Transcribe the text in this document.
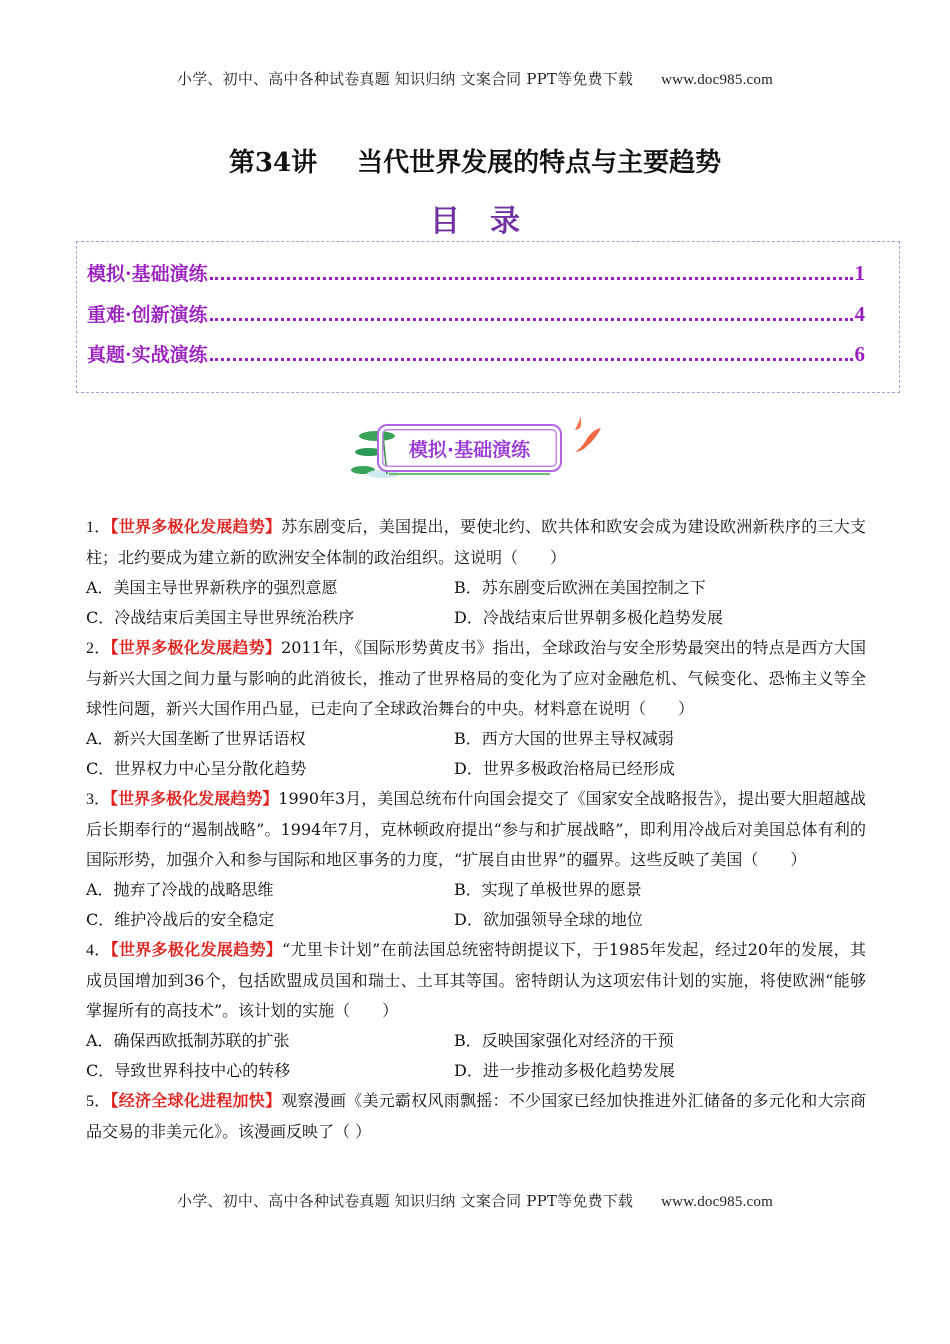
小学、初中、高中各种试卷真题 知识归纳 文案合同 PPT等免费下载 www.doc985.com
第34讲 当代世界发展的特点与主要趋势
目录
模拟·基础演练	1
重难·创新演练	4
真题·实战演练	6
模拟·基础演练

1．【世界多极化发展趋势】苏东剧变后，美国提出，要使北约、欧共体和欧安会成为建设欧洲新秩序的三大支柱；北约要成为建立新的欧洲安全体制的政治组织。这说明（　　）

A．美国主导世界新秩序的强烈意愿	B．苏东剧变后欧洲在美国控制之下
C．冷战结束后美国主导世界统治秩序	D．冷战结束后世界朝多极化趋势发展

2．【世界多极化发展趋势】2011年，《国际形势黄皮书》指出，全球政治与安全形势最突出的特点是西方大国与新兴大国之间力量与影响的此消彼长，推动了世界格局的变化为了应对金融危机、气候变化、恐怖主义等全球性问题，新兴大国作用凸显，已走向了全球政治舞台的中央。材料意在说明（　　）

A．新兴大国垄断了世界话语权	B．西方大国的世界主导权减弱
C．世界权力中心呈分散化趋势	D．世界多极政治格局已经形成

3．【世界多极化发展趋势】1990年3月，美国总统布什向国会提交了《国家安全战略报告》，提出要大胆超越战后长期奉行的“遏制战略”。1994年7月，克林顿政府提出“参与和扩展战略”，即利用冷战后对美国总体有利的国际形势，加强介入和参与国际和地区事务的力度，“扩展自由世界”的疆界。这些反映了美国（　　）

A．抛弃了冷战的战略思维	B．实现了单极世界的愿景
C．维护冷战后的安全稳定	D．欲加强领导全球的地位

4．【世界多极化发展趋势】“尤里卡计划”在前法国总统密特朗提议下，于1985年发起，经过20年的发展，其成员国增加到36个，包括欧盟成员国和瑞士、土耳其等国。密特朗认为这项宏伟计划的实施，将使欧洲“能够掌握所有的高技术”。该计划的实施（　　）

A．确保西欧抵制苏联的扩张	B．反映国家强化对经济的干预
C．导致世界科技中心的转移	D．进一步推动多极化趋势发展

5．【经济全球化进程加快】观察漫画《美元霸权风雨飘摇：不少国家已经加快推进外汇储备的多元化和大宗商品交易的非美元化》。该漫画反映了（ ）

小学、初中、高中各种试卷真题 知识归纳 文案合同 PPT等免费下载 www.doc985.com
